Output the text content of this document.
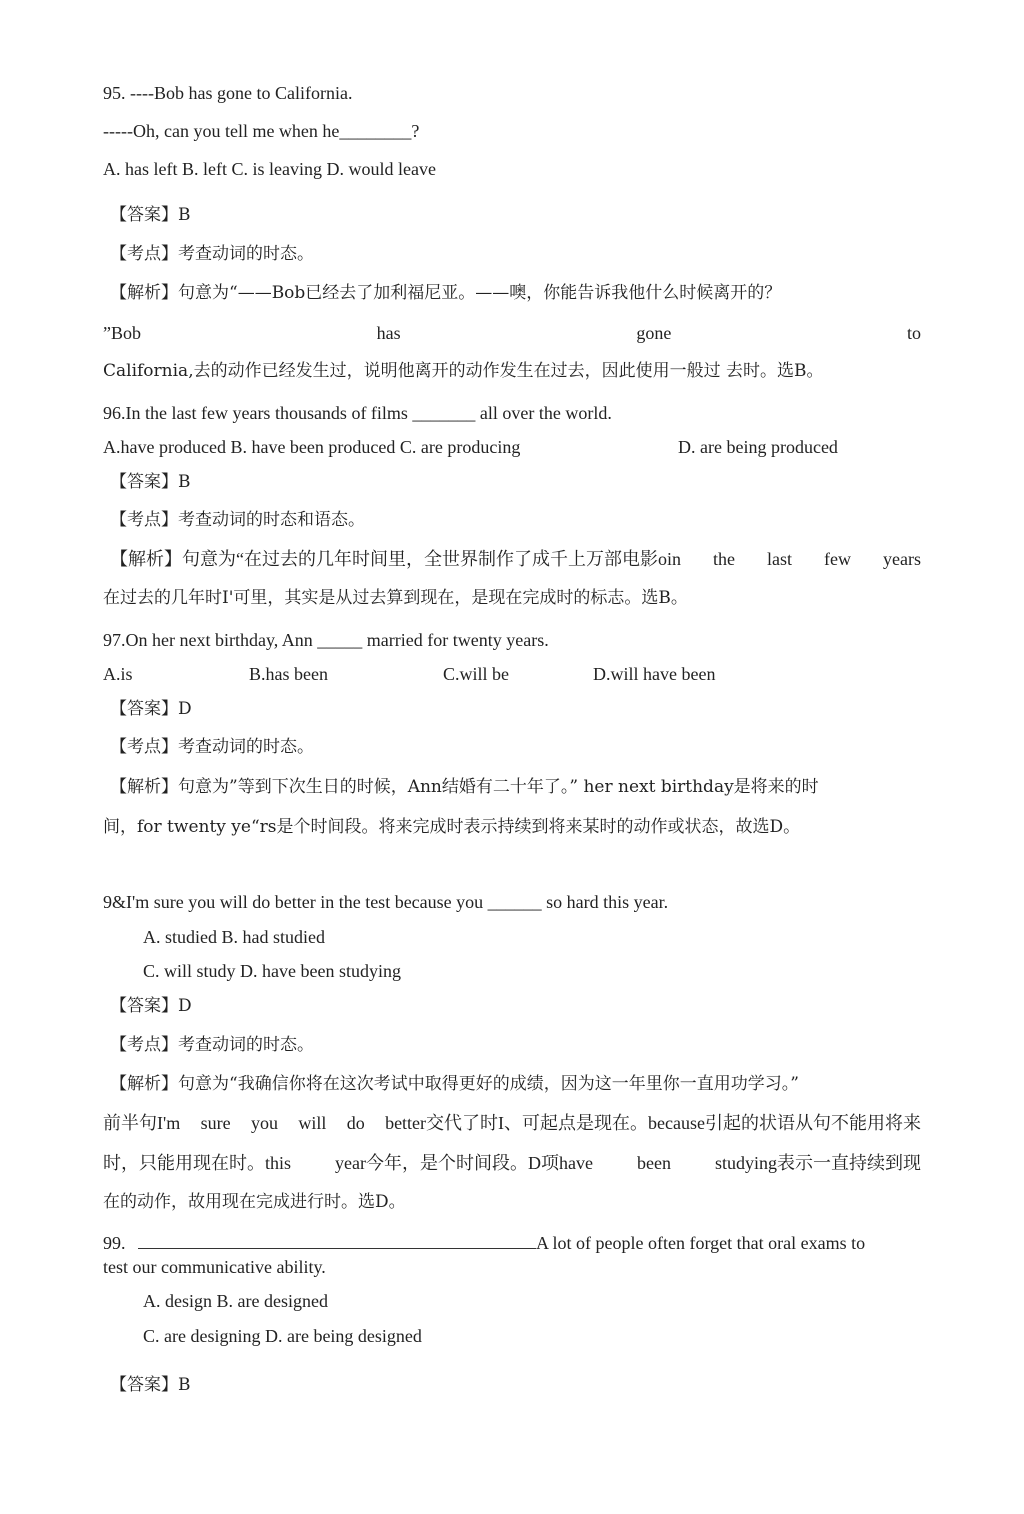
95. ----Bob has gone to California.
-----Oh, can you tell me when he________?
A. has left B. left C. is leaving D. would leave
【答案】B
【考点】考查动词的时态。
【解析】句意为“——Bob已经去了加利福尼亚。——噢，你能告诉我他什么时候离开的？
”Bob	has	gone	to
California,去的动作已经发生过，说明他离开的动作发生在过去，因此使用一般过 去时。选B。
96.In the last few years thousands of films _______ all over the world.
A.have produced B. have been produced C. are producing	D. are being produced
【答案】B
【考点】考查动词的时态和语态。
【解析】句意为“在过去的几年时间里，全世界制作了成千上万部电影oin the last few years
在过去的几年时I'可里，其实是从过去算到现在，是现在完成时的标志。选B。
97.On her next birthday, Ann _____ married for twenty years.
A.is	B.has been	C.will be	D.will have been
【答案】D
【考点】考查动词的时态。
【解析】句意为”等到下次生日的时候，Ann结婚有二十年了。” her next birthday是将来的时
间，for twenty ye“rs是个时间段。将来完成时表示持续到将来某时的动作或状态，故选D。
9&I'm sure you will do better in the test because you ______ so hard this year.
A. studied B. had studied
C. will study D. have been studying
【答案】D
【考点】考查动词的时态。
【解析】句意为“我确信你将在这次考试中取得更好的成绩，因为这一年里你一直用功学习。”
前半句I'm sure you will do better交代了时I、可起点是现在。because引起的状语从句不能用将来
时，只能用现在时。this year今年，是个时间段。D项have been studying表示一直持续到现
在的动作，故用现在完成进行时。选D。
99.	A lot of people often forget that oral exams to
test our communicative ability.
A. design B. are designed
C. are designing D. are being designed
【答案】B
